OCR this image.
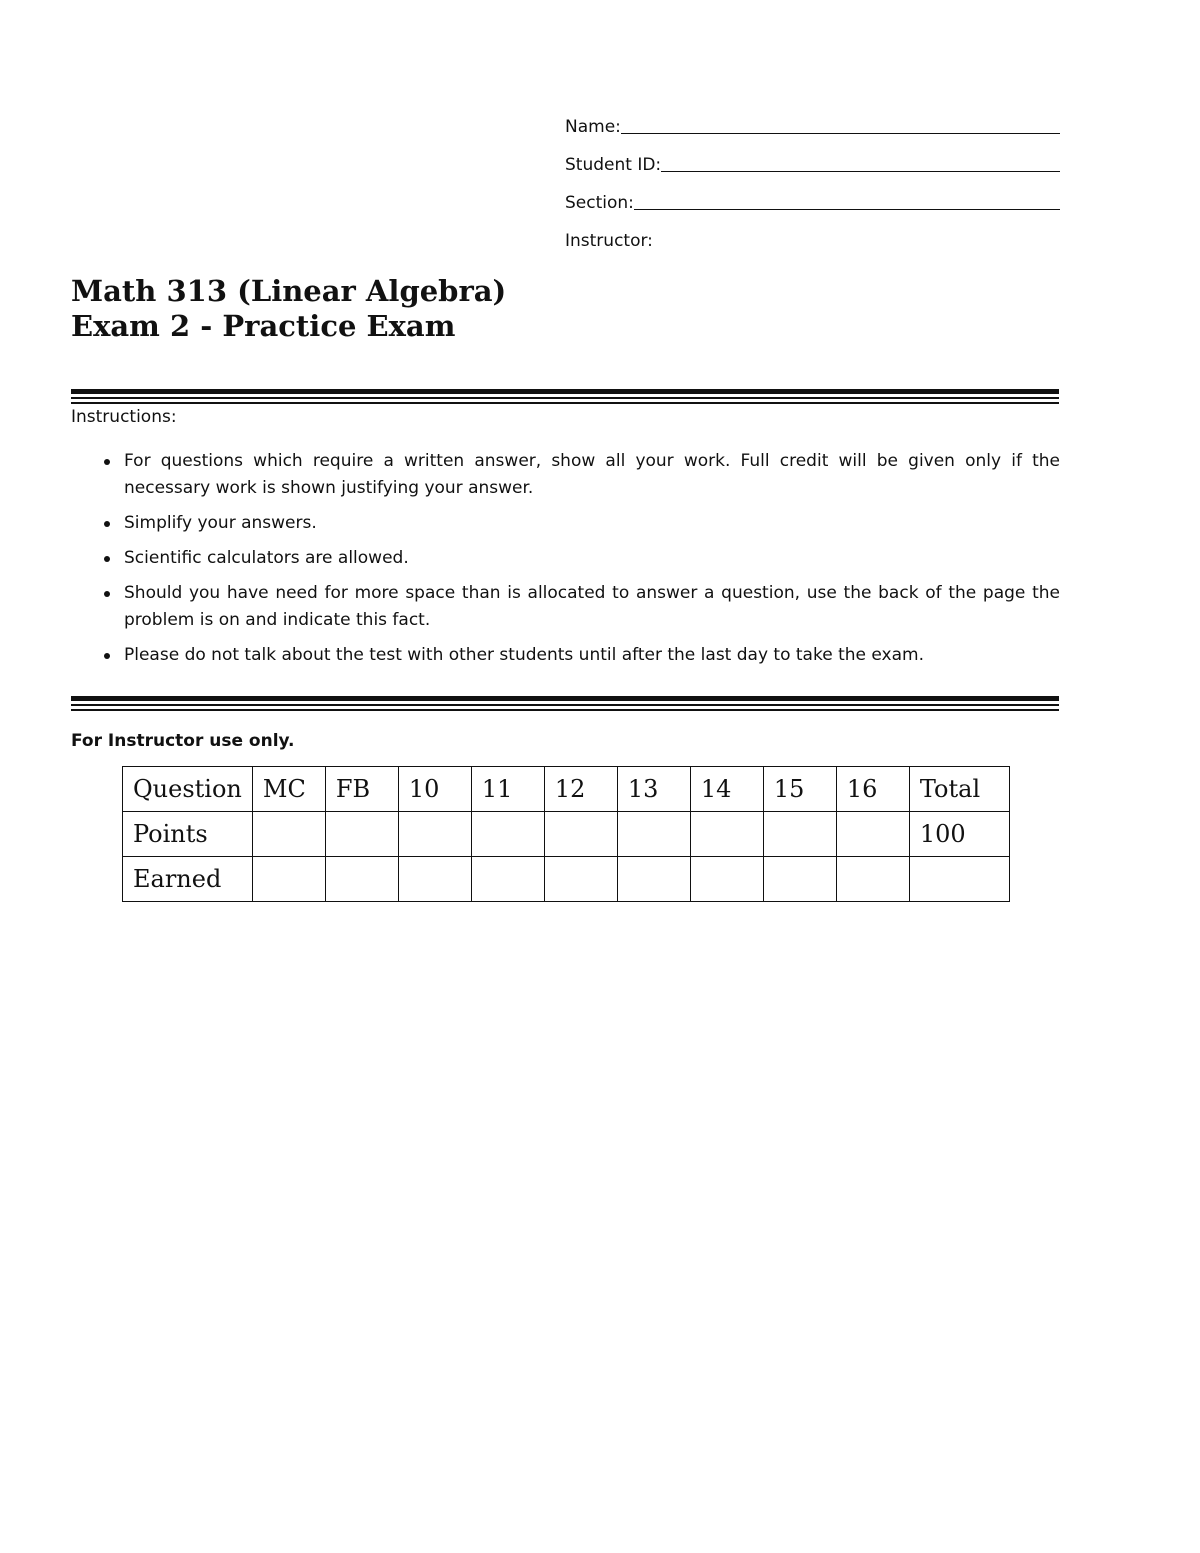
Name:
Student ID:
Section:
Instructor:
Math 313 (Linear Algebra)
Exam 2 - Practice Exam
Instructions:
For questions which require a written answer, show all your work. Full credit will be given only if the necessary work is shown justifying your answer.
Simplify your answers.
Scientific calculators are allowed.
Should you have need for more space than is allocated to answer a question, use the back of the page the problem is on and indicate this fact.
Please do not talk about the test with other students until after the last day to take the exam.
For Instructor use only.
Question	MC	FB	10	11	12	13	14	15	16	Total
Points										100
Earned										
